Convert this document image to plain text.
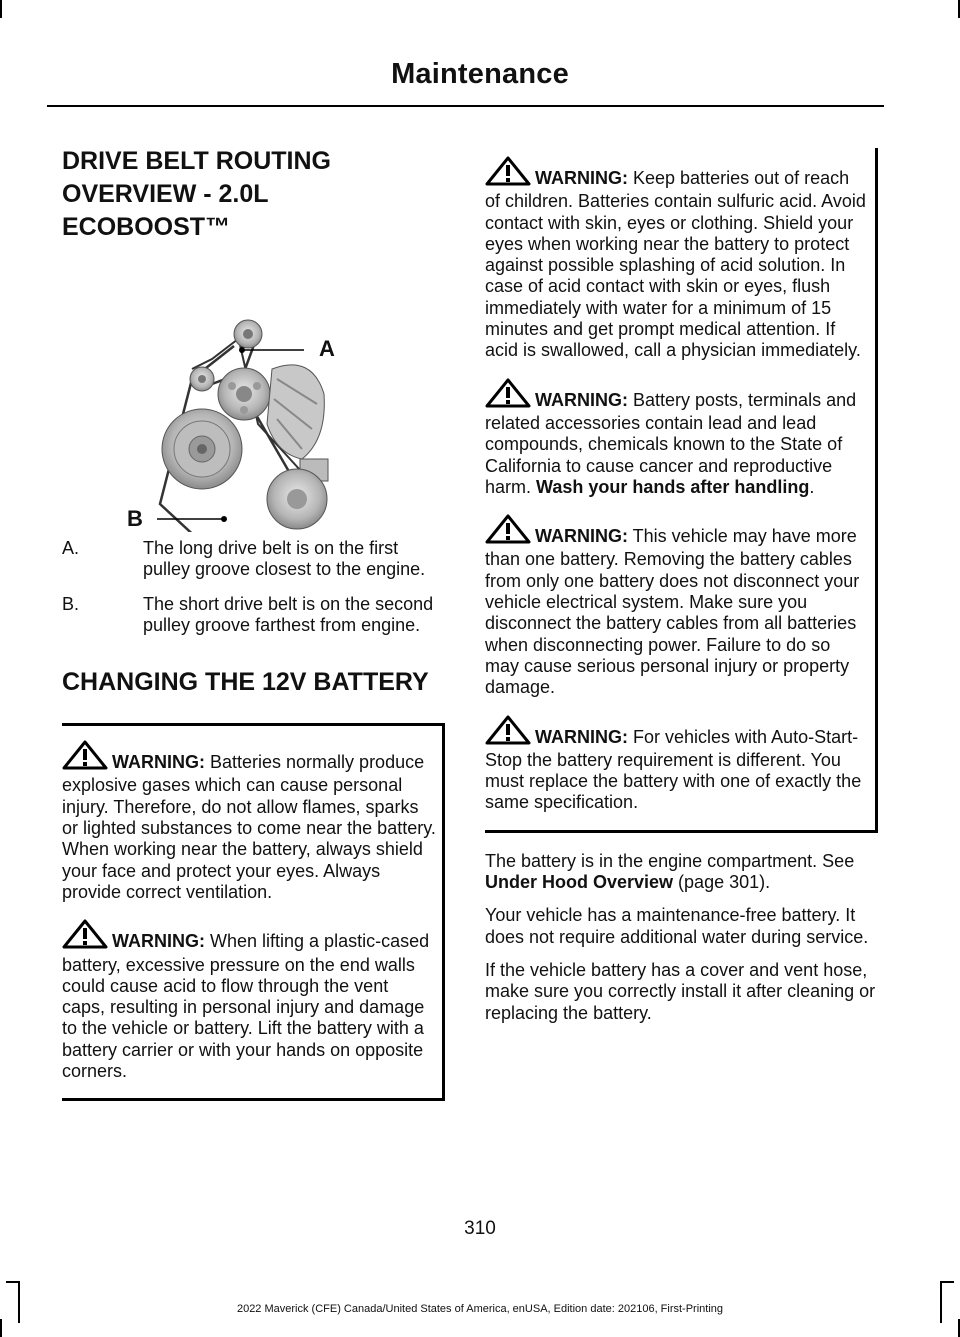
Maintenance
DRIVE BELT ROUTING
OVERVIEW - 2.0L
ECOBOOST™
A
B
A.	The long drive belt is on the first pulley groove closest to the engine.
B.	The short drive belt is on the second pulley groove farthest from engine.
CHANGING THE 12V BATTERY
WARNING: Batteries normally produce explosive gases which can cause personal injury. Therefore, do not allow flames, sparks or lighted substances to come near the battery. When working near the battery, always shield your face and protect your eyes. Always provide correct ventilation.
WARNING: When lifting a plastic-cased battery, excessive pressure on the end walls could cause acid to flow through the vent caps, resulting in personal injury and damage to the vehicle or battery. Lift the battery with a battery carrier or with your hands on opposite corners.
WARNING: Keep batteries out of reach of children. Batteries contain sulfuric acid. Avoid contact with skin, eyes or clothing. Shield your eyes when working near the battery to protect against possible splashing of acid solution. In case of acid contact with skin or eyes, flush immediately with water for a minimum of 15 minutes and get prompt medical attention. If acid is swallowed, call a physician immediately.
WARNING: Battery posts, terminals and related accessories contain lead and lead compounds, chemicals known to the State of California to cause cancer and reproductive harm. Wash your hands after handling.
WARNING: This vehicle may have more than one battery. Removing the battery cables from only one battery does not disconnect your vehicle electrical system. Make sure you disconnect the battery cables from all batteries when disconnecting power. Failure to do so may cause serious personal injury or property damage.
WARNING: For vehicles with Auto-Start-Stop the battery requirement is different. You must replace the battery with one of exactly the same specification.

The battery is in the engine compartment. See Under Hood Overview (page 301).

Your vehicle has a maintenance-free battery. It does not require additional water during service.

If the vehicle battery has a cover and vent hose, make sure you correctly install it after cleaning or replacing the battery.

310
2022 Maverick (CFE) Canada/United States of America, enUSA, Edition date: 202106, First-Printing
